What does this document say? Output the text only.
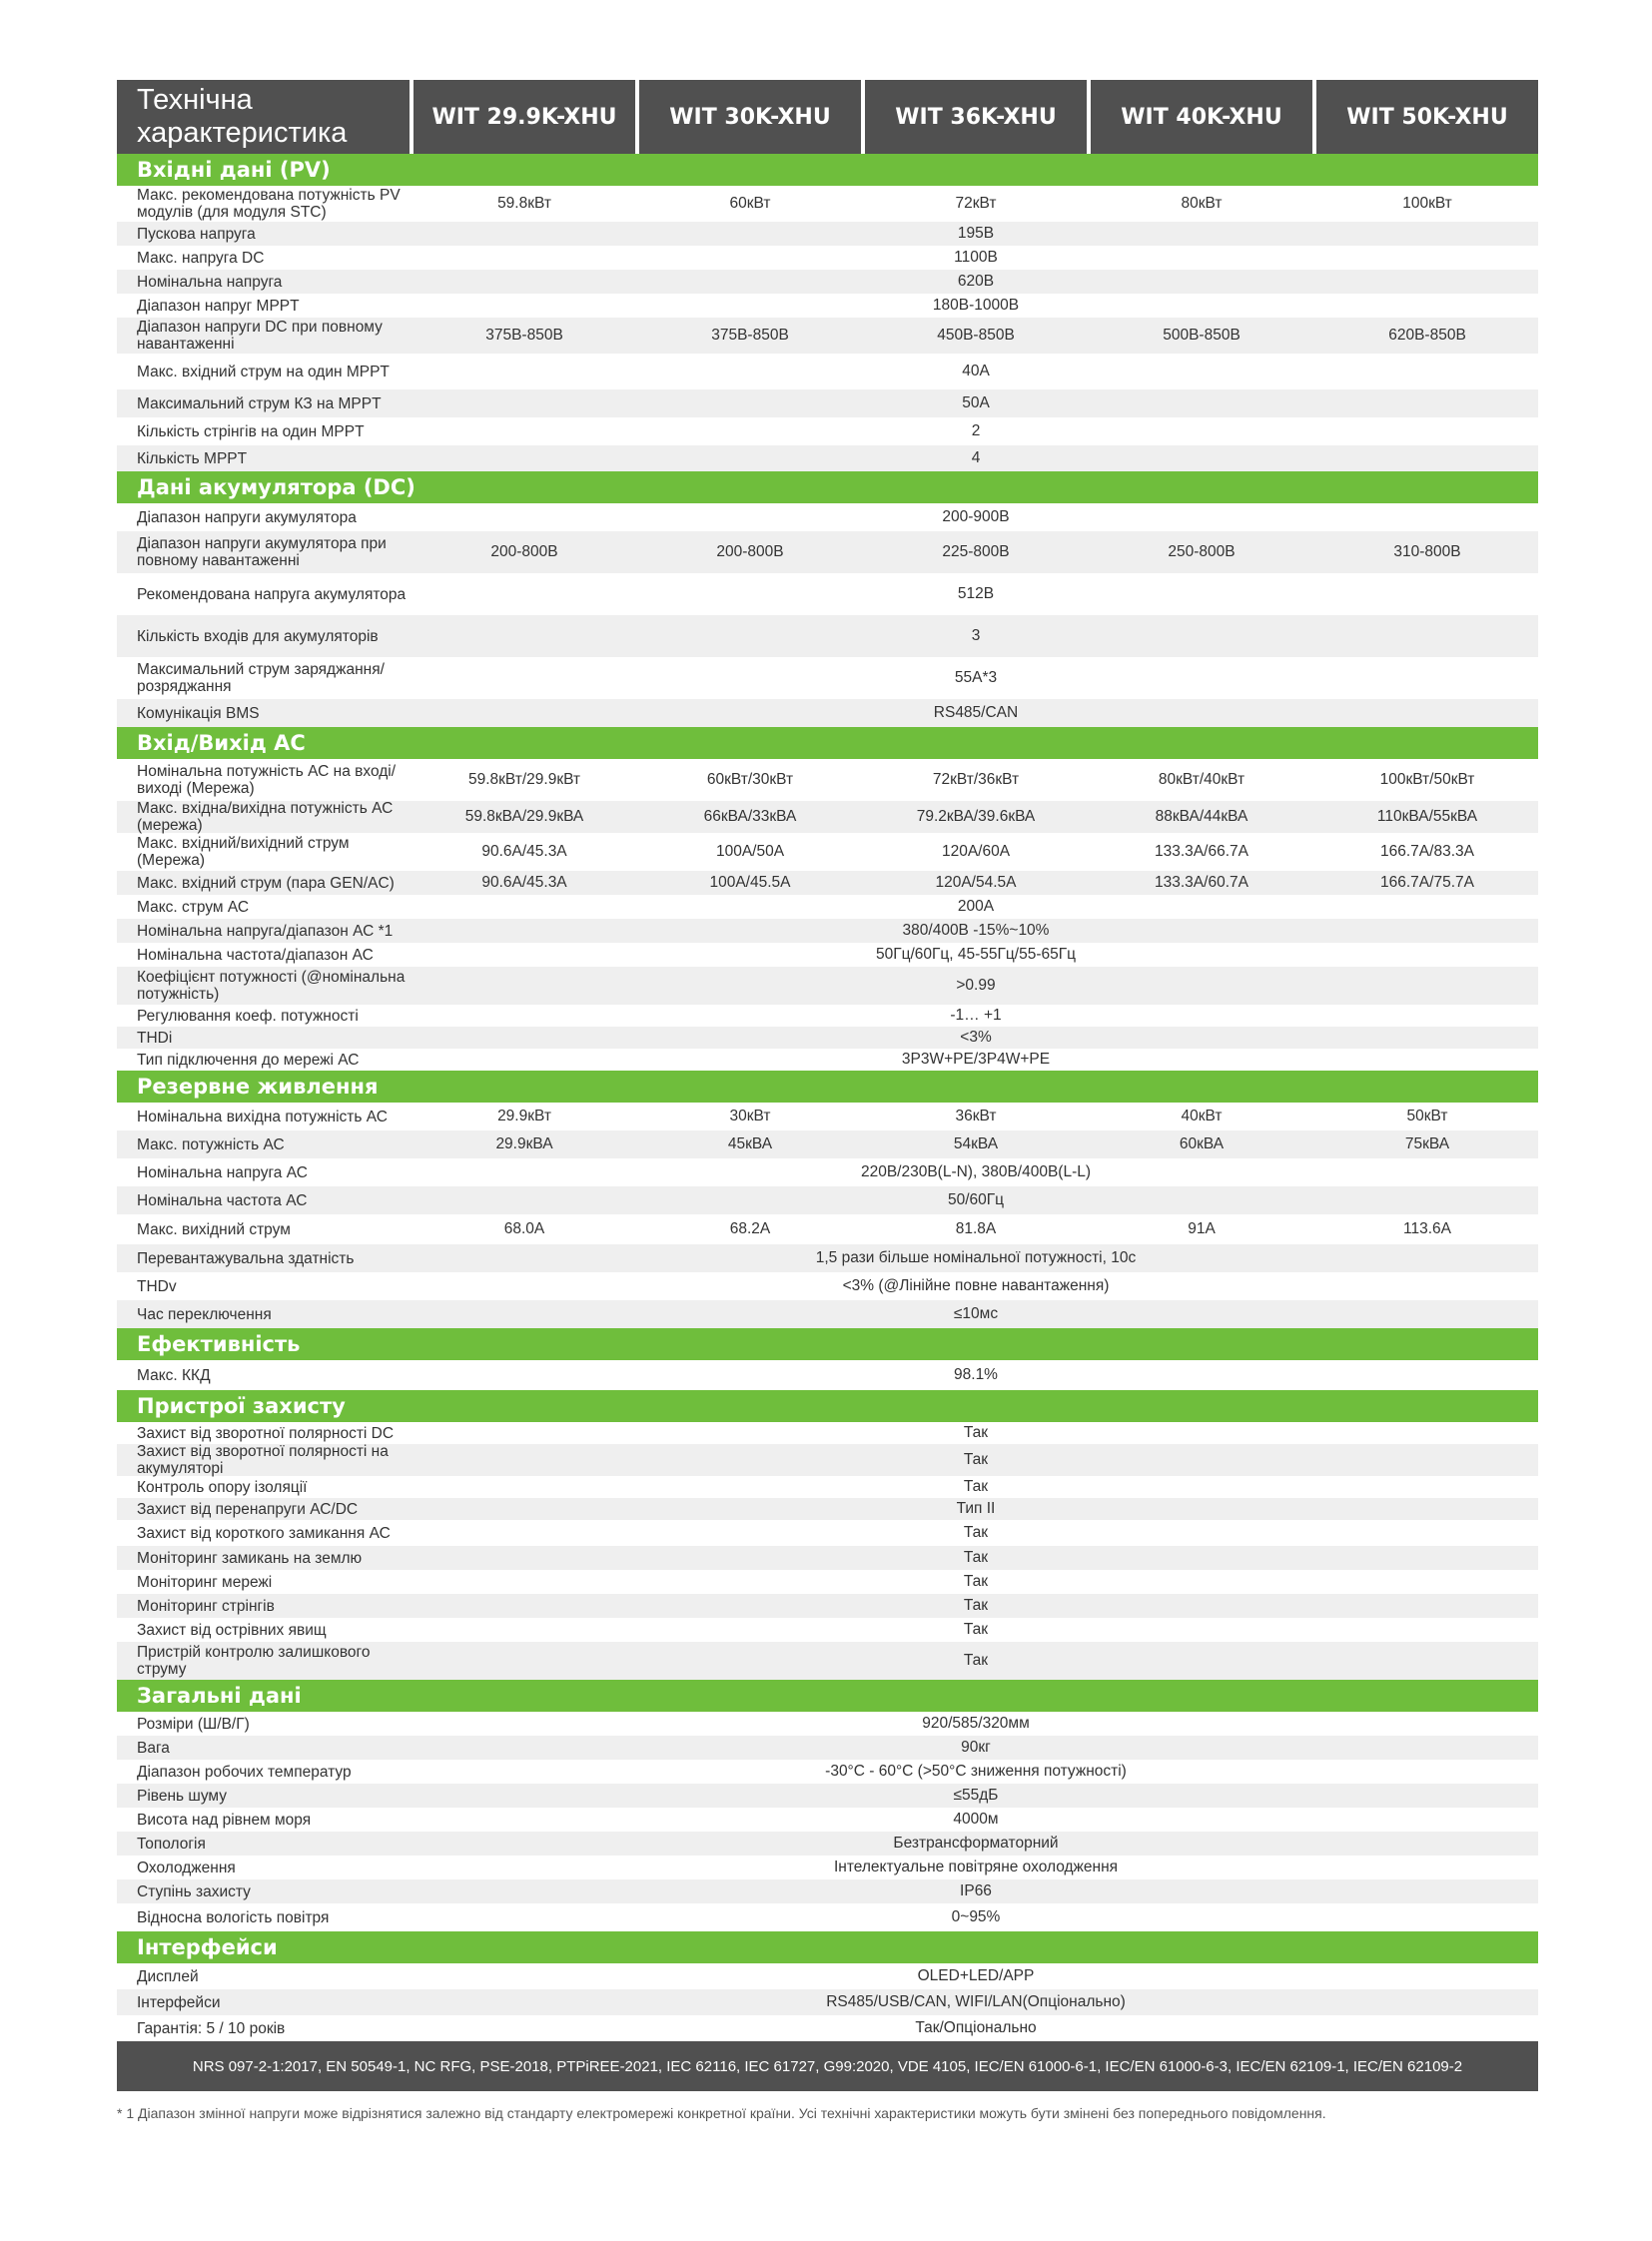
Технічна характеристика	WIT 29.9K-XHU	WIT 30K-XHU	WIT 36K-XHU	WIT 40K-XHU	WIT 50K-XHU
Вхідні дані (PV)
Макс. рекомендована потужність PV модулів (для модуля STC)
59.8кВт	60кВт	72кВт	80кВт	100кВт
Пускова напруга	195В
Макс. напруга DC	1100В
Номінальна напруга	620В
Діапазон напруг MPPT	180В-1000В
Діапазон напруги DC при повному навантаженні
375В-850В	375В-850В	450В-850В	500В-850В	620В-850В
Макс. вхідний струм на один MPPT	40А
Максимальний струм КЗ на MPPT	50А
Кількість стрінгів на один MPPT	2
Кількість MPPT	4
Дані акумулятора (DC)
Діапазон напруги акумулятора	200-900В
Діапазон напруги акумулятора при повному навантаженні
200-800В	200-800В	225-800В	250-800В	310-800В
Рекомендована напруга акумулятора	512В
Кількість входів для акумуляторів	3
Максимальний струм заряджання/розряджання
55А*3
Комунікація BMS	RS485/CAN
Вхід/Вихід АС
Номінальна потужність АС на вході/виході (Мережа)
59.8кВт/29.9кВт	60кВт/30кВт	72кВт/36кВт	80кВт/40кВт	100кВт/50кВт
Макс. вхідна/вихідна потужність АС (мережа)
59.8кВА/29.9кВА	66кВА/33кВА	79.2кВА/39.6кВА	88кВА/44кВА	110кВА/55кВА
Макс. вхідний/вихідний струм (Мережа)
90.6А/45.3А	100А/50А	120А/60А	133.3А/66.7А	166.7А/83.3А
Макс. вхідний струм (пара GEN/AC)	90.6А/45.3А	100А/45.5А	120А/54.5А	133.3А/60.7А	166.7А/75.7А
Макс. струм АС	200А
Номінальна напруга/діапазон АС *1	380/400В -15%~10%
Номінальна частота/діапазон АС	50Гц/60Гц, 45-55Гц/55-65Гц
Коефіцієнт потужності (@номінальна потужність)
>0.99
Регулювання коеф. потужності	-1… +1
THDi	<3%
Тип підключення до мережі АС	3P3W+PE/3P4W+PE
Резервне живлення
Номінальна вихідна потужність АС	29.9кВт	30кВт	36кВт	40кВт	50кВт
Макс. потужність АС	29.9кВА	45кВА	54кВА	60кВА	75кВА
Номінальна напруга АС	220В/230В(L-N), 380В/400В(L-L)
Номінальна частота АС	50/60Гц
Макс. вихідний струм	68.0А	68.2А	81.8А	91А	113.6А
Перевантажувальна здатність	1,5 рази більше номінальної потужності, 10с
THDv	<3% (@Лінійне повне навантаження)
Час переключення	≤10мс
Ефективність
Макс. ККД	98.1%
Пристрої захисту
Захист від зворотної полярності DC	Так
Захист від зворотної полярності на акумуляторі
Так
Контроль опору ізоляції	Так
Захист від перенапруги АС/DC	Тип II
Захист від короткого замикання АС	Так
Моніторинг замикань на землю	Так
Моніторинг мережі	Так
Моніторинг стрінгів	Так
Захист від острівних явищ	Так
Пристрій контролю залишкового струму
Так
Загальні дані
Розміри (Ш/В/Г)	920/585/320мм
Вага	90кг
Діапазон робочих температур	-30°C - 60°C (>50°C зниження потужності)
Рівень шуму	≤55дБ
Висота над рівнем моря	4000м
Топологія	Безтрансформаторний
Охолодження	Інтелектуальне повітряне охолодження
Ступінь захисту	IP66
Відносна вологість повітря	0~95%
Інтерфейси
Дисплей	OLED+LED/APP
Інтерфейси	RS485/USB/CAN, WIFI/LAN(Опціонально)
Гарантія: 5 / 10 років	Так/Опціонально
NRS 097-2-1:2017, EN 50549-1, NC RFG, PSE-2018, PTPiREE-2021, IEC 62116, IEC 61727, G99:2020, VDE 4105, IEC/EN 61000-6-1, IEC/EN 61000-6-3, IEC/EN 62109-1, IEC/EN 62109-2
* 1 Діапазон змінної напруги може відрізнятися залежно від стандарту електромережі конкретної країни. Усі технічні характеристики можуть бути змінені без попереднього повідомлення.
